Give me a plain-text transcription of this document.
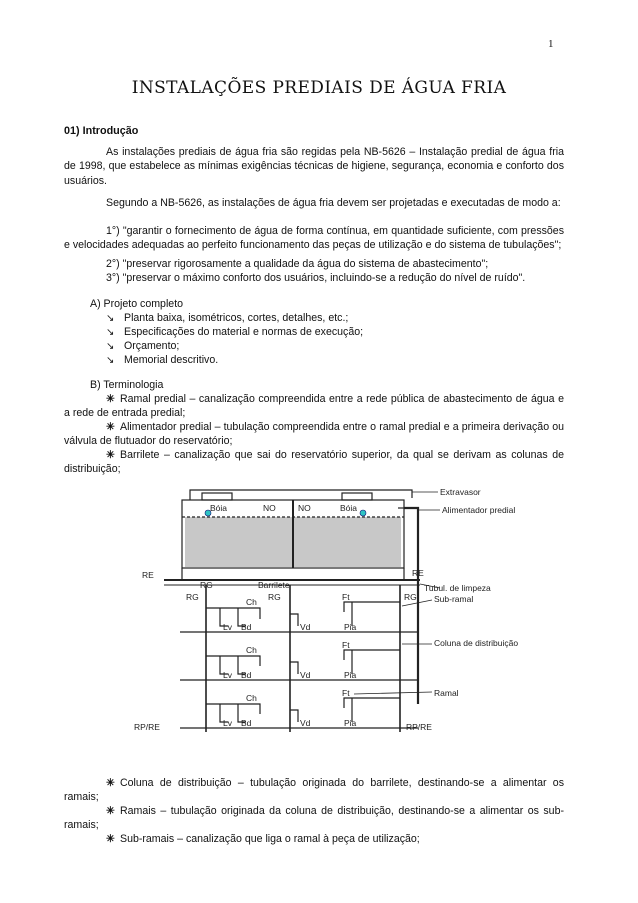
1
INSTALAÇÕES PREDIAIS DE ÁGUA FRIA
01) Introdução
As instalações prediais de água fria são regidas pela NB-5626 – Instalação predial de água fria de 1998, que estabelece as mínimas exigências técnicas de higiene, segurança, economia e conforto dos usuários.
Segundo a NB-5626, as instalações de água fria devem ser projetadas e executadas de modo a:
1°) "garantir o fornecimento de água de forma contínua, em quantidade suficiente, com pressões e velocidades adequadas ao perfeito funcionamento das peças de utilização e do sistema de tubulações";
2°) "preservar rigorosamente a qualidade da água do sistema de abastecimento";
3°) "preservar o máximo conforto dos usuários, incluindo-se a redução do nível de ruído".
A) Projeto completo
↘ Planta baixa, isométricos, cortes, detalhes, etc.;
↘ Especificações do material e normas de execução;
↘ Orçamento;
↘ Memorial descritivo.
B) Terminologia
✳ Ramal predial – canalização compreendida entre a rede pública de abastecimento de água e a rede de entrada predial;
✳ Alimentador predial – tubulação compreendida entre o ramal predial e a primeira derivação ou válvula de flutuador do reservatório;
✳ Barrilete – canalização que sai do reservatório superior, da qual se derivam as colunas de distribuição;
Extravasor
Bóia	NO	NO	Bóia	Alimentador predial
RE	RE
Tubul. de limpeza
RG	Barrilete
RG	RG	RG Sub-ramal
Coluna de distribuição
Ramal
RP/RE	RP/RE
Ch
Lv Bd	Vd
Ft
Pia
Ch
Lv Bd	Vd
Ft
Pia
Ch
Lv Bd	Vd
Ft
Pia
✳ Coluna de distribuição – tubulação originada do barrilete, destinando-se a alimentar os ramais;
✳ Ramais – tubulação originada da coluna de distribuição, destinando-se a alimentar os sub-ramais;
✳ Sub-ramais – canalização que liga o ramal à peça de utilização;
